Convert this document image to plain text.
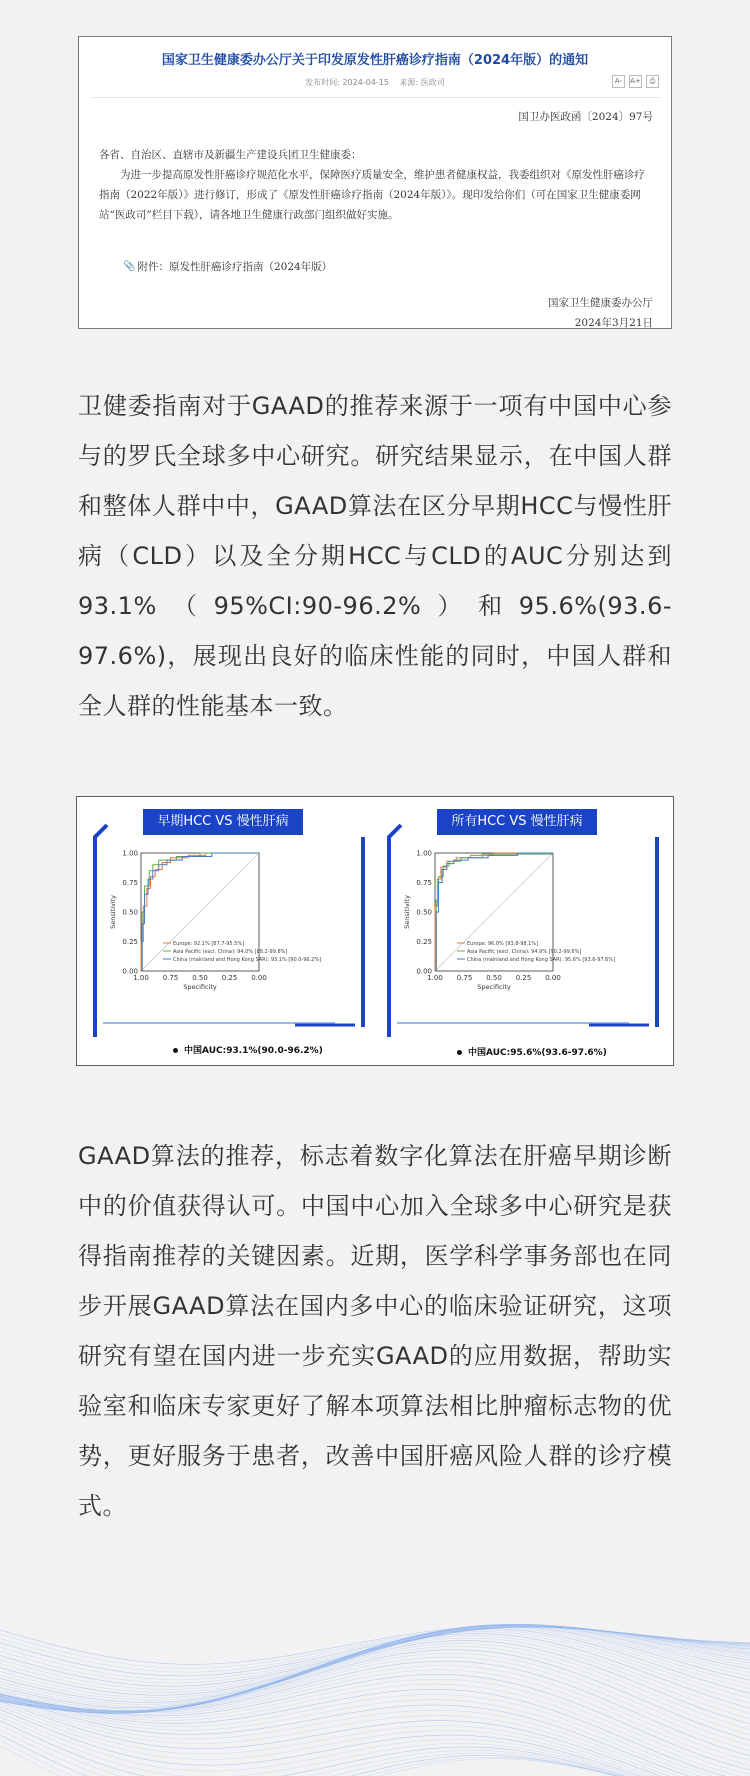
国家卫生健康委办公厅关于印发原发性肝癌诊疗指南（2024年版）的通知
发布时间: 2024-04-15 来源: 医政司	A-	A+	⎙
国卫办医政函〔2024〕97号
各省、自治区、直辖市及新疆生产建设兵团卫生健康委：
为进一步提高原发性肝癌诊疗规范化水平，保障医疗质量安全，维护患者健康权益，我委组织对《原发性肝癌诊疗指南（2022年版）》进行修订，形成了《原发性肝癌诊疗指南（2024年版）》。现印发给你们（可在国家卫生健康委网站“医政司”栏目下载），请各地卫生健康行政部门组织做好实施。
📎 附件：原发性肝癌诊疗指南（2024年版）
国家卫生健康委办公厅
2024年3月21日

卫健委指南对于GAAD的推荐来源于一项有中国中心参与的罗氏全球多中心研究。研究结果显示，在中国人群和整体人群中中，GAAD算法在区分早期HCC与慢性肝病（CLD）以及全分期HCC与CLD的AUC分别达到93.1%（95%CI:90-96.2%）和95.6%(93.6-97.6%)，展现出良好的临床性能的同时，中国人群和全人群的性能基本一致。

1.00
1.00
0.75
0.75
0.50
0.50
0.25
0.25
0.00
0.00
Specificity
Sensitivity
Europe: 92.1% [87.7-95.5%]
Asia Pacific (excl. China): 94.0% [88.2-99.8%]
China (mainland and Hong Kong SAR): 93.1% [90.0-96.2%]
早期HCC VS 慢性肝病
中国AUC:93.1%(90.0-96.2%)
1.00
1.00
0.75
0.75
0.50
0.50
0.25
0.25
0.00
0.00
Specificity
Sensitivity
Europe: 96.0% [93.8-98.1%]
Asia Pacific (excl. China): 94.9% [90.2-99.6%]
China (mainland and Hong Kong SAR): 95.6% [93.6-97.6%]
所有HCC VS 慢性肝病
中国AUC:95.6%(93.6-97.6%)

GAAD算法的推荐，标志着数字化算法在肝癌早期诊断中的价值获得认可。中国中心加入全球多中心研究是获得指南推荐的关键因素。近期，医学科学事务部也在同步开展GAAD算法在国内多中心的临床验证研究，这项研究有望在国内进一步充实GAAD的应用数据，帮助实验室和临床专家更好了解本项算法相比肿瘤标志物的优势，更好服务于患者，改善中国肝癌风险人群的诊疗模式。
